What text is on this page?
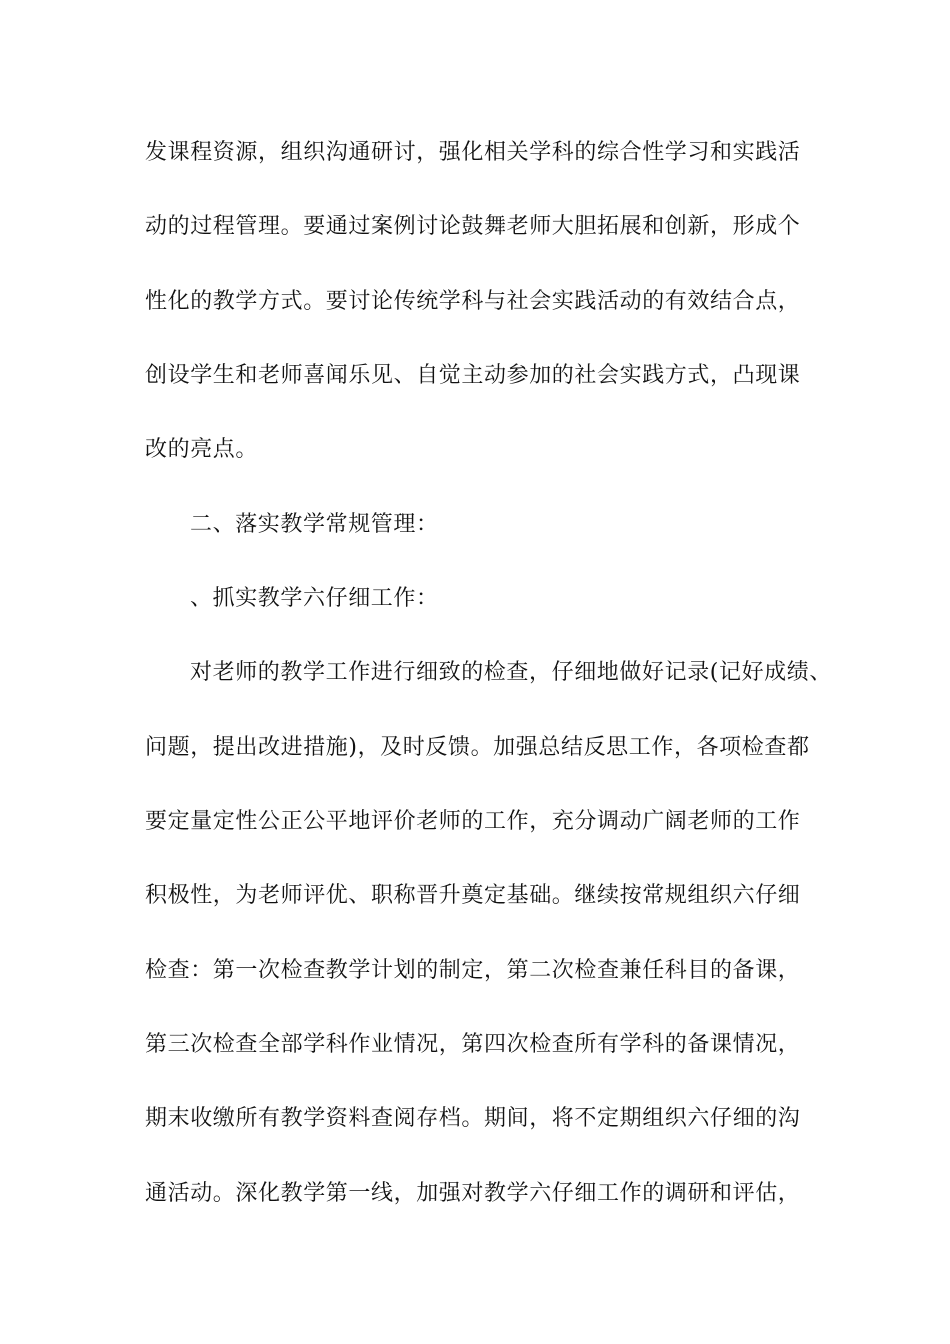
发课程资源，组织沟通研讨，强化相关学科的综合性学习和实践活
动的过程管理。要通过案例讨论鼓舞老师大胆拓展和创新，形成个
性化的教学方式。要讨论传统学科与社会实践活动的有效结合点，
创设学生和老师喜闻乐见、自觉主动参加的社会实践方式，凸现课
改的亮点。
二、落实教学常规管理：
、抓实教学六仔细工作：
对老师的教学工作进行细致的检查，仔细地做好记录(记好成绩、
问题，提出改进措施)，及时反馈。加强总结反思工作，各项检查都
要定量定性公正公平地评价老师的工作，充分调动广阔老师的工作
积极性，为老师评优、职称晋升奠定基础。继续按常规组织六仔细
检查：第一次检查教学计划的制定，第二次检查兼任科目的备课，
第三次检查全部学科作业情况，第四次检查所有学科的备课情况，
期末收缴所有教学资料查阅存档。期间，将不定期组织六仔细的沟
通活动。深化教学第一线，加强对教学六仔细工作的调研和评估，
